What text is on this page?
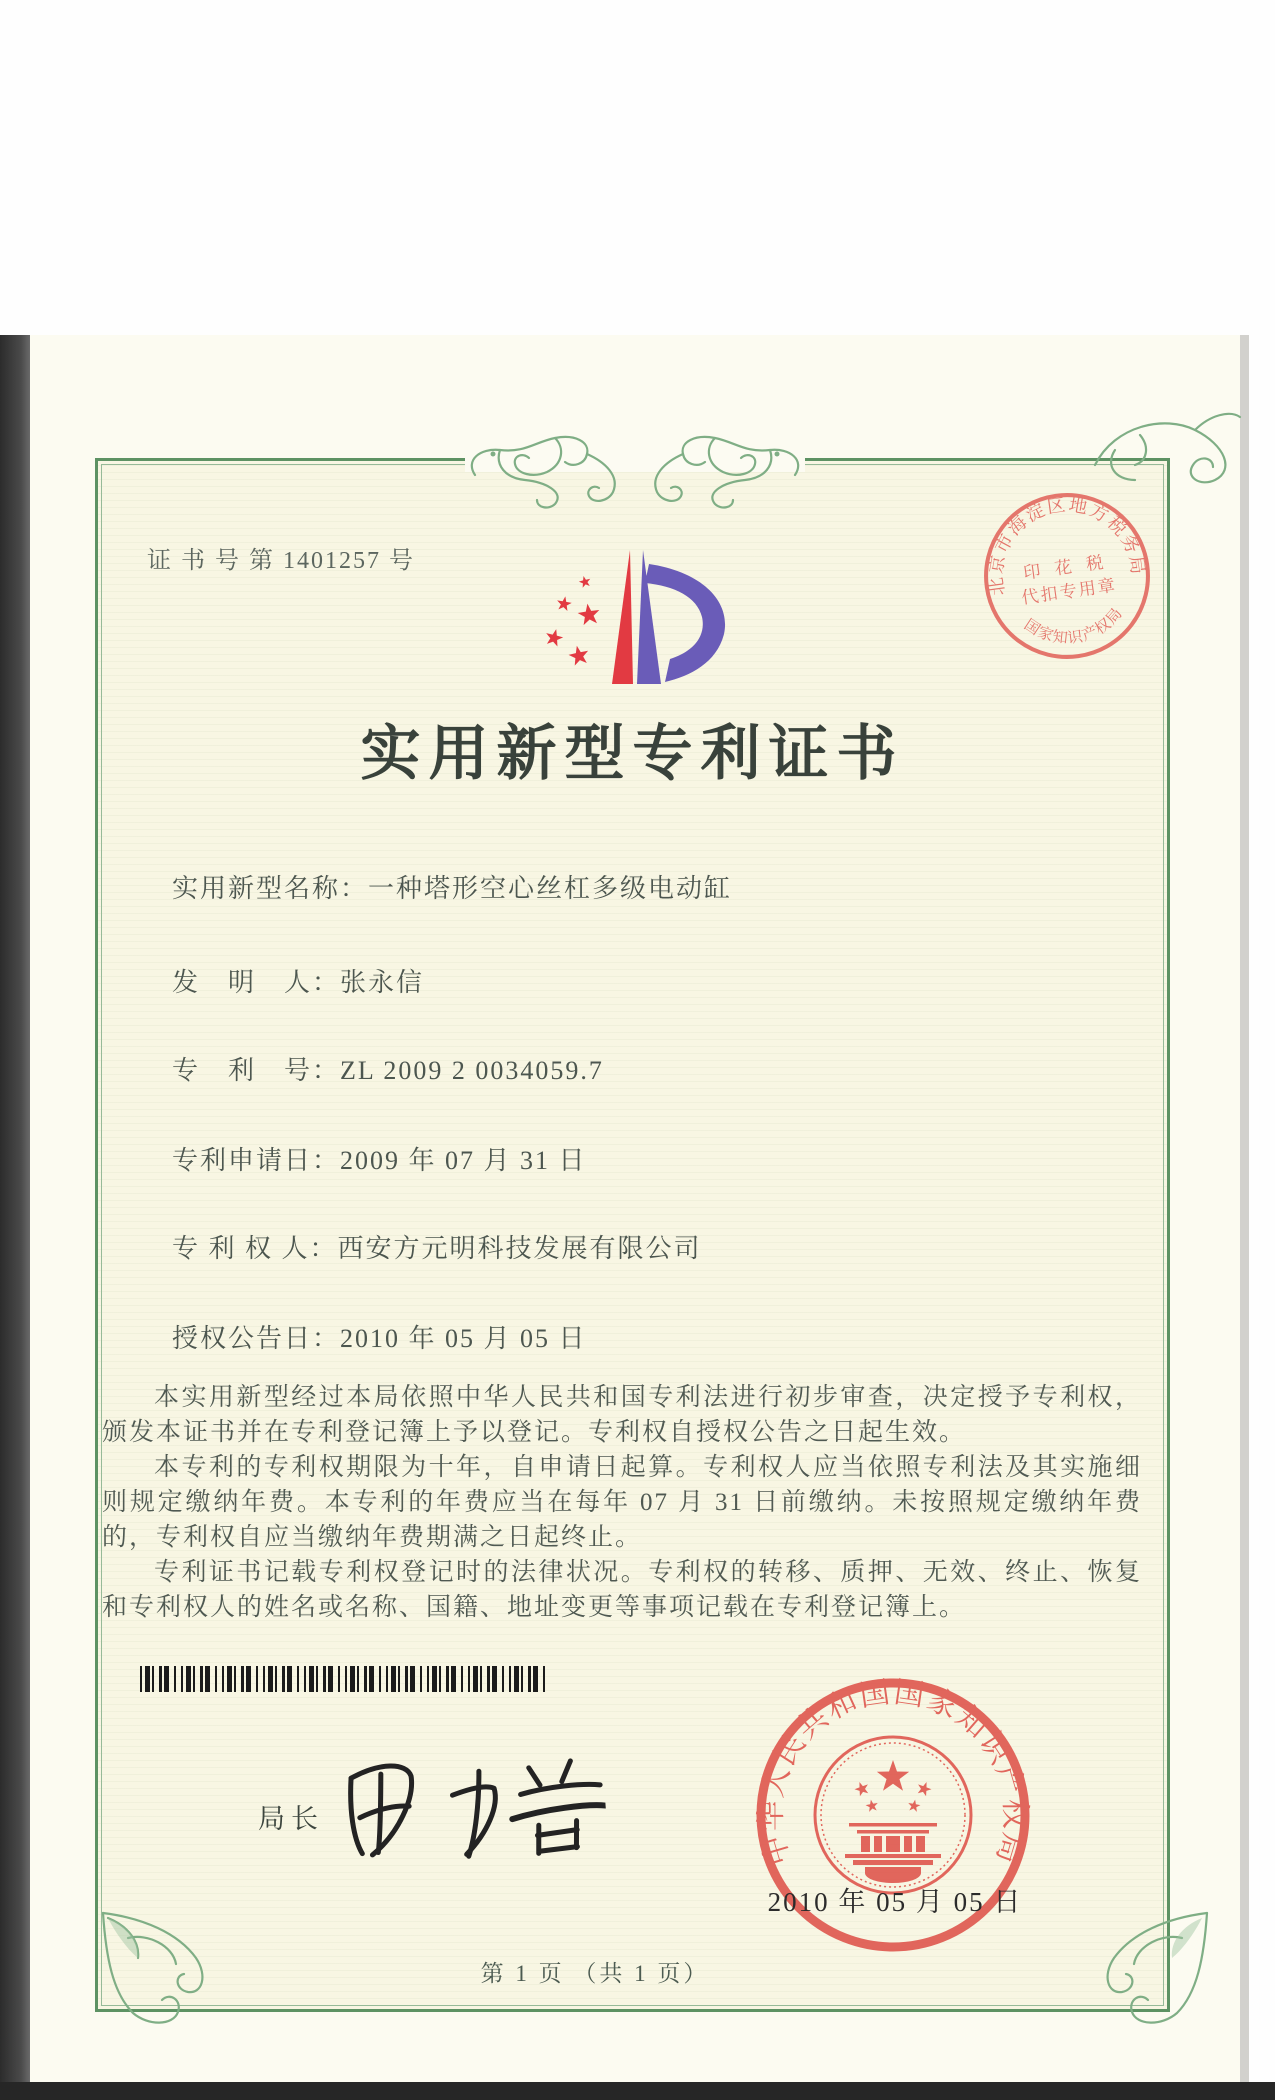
证 书 号 第 1401257 号
北京市海淀区地方税务局
国家知识产权局
印 花 税
代扣专用章
实用新型专利证书
实用新型名称：一种塔形空心丝杠多级电动缸
发　明　人：张永信
专　利　号：ZL 2009 2 0034059.7
专利申请日：2009 年 07 月 31 日
专 利 权 人：西安方元明科技发展有限公司
授权公告日：2010 年 05 月 05 日

本实用新型经过本局依照中华人民共和国专利法进行初步审查，决定授予专利权，颁发本证书并在专利登记簿上予以登记。专利权自授权公告之日起生效。

本专利的专利权期限为十年，自申请日起算。专利权人应当依照专利法及其实施细则规定缴纳年费。本专利的年费应当在每年 07 月 31 日前缴纳。未按照规定缴纳年费的，专利权自应当缴纳年费期满之日起终止。

专利证书记载专利权登记时的法律状况。专利权的转移、质押、无效、终止、恢复和专利权人的姓名或名称、国籍、地址变更等事项记载在专利登记簿上。

局长
中华人民共和国国家知识产权局
2010 年 05 月 05 日
第 1 页 （共 1 页）
